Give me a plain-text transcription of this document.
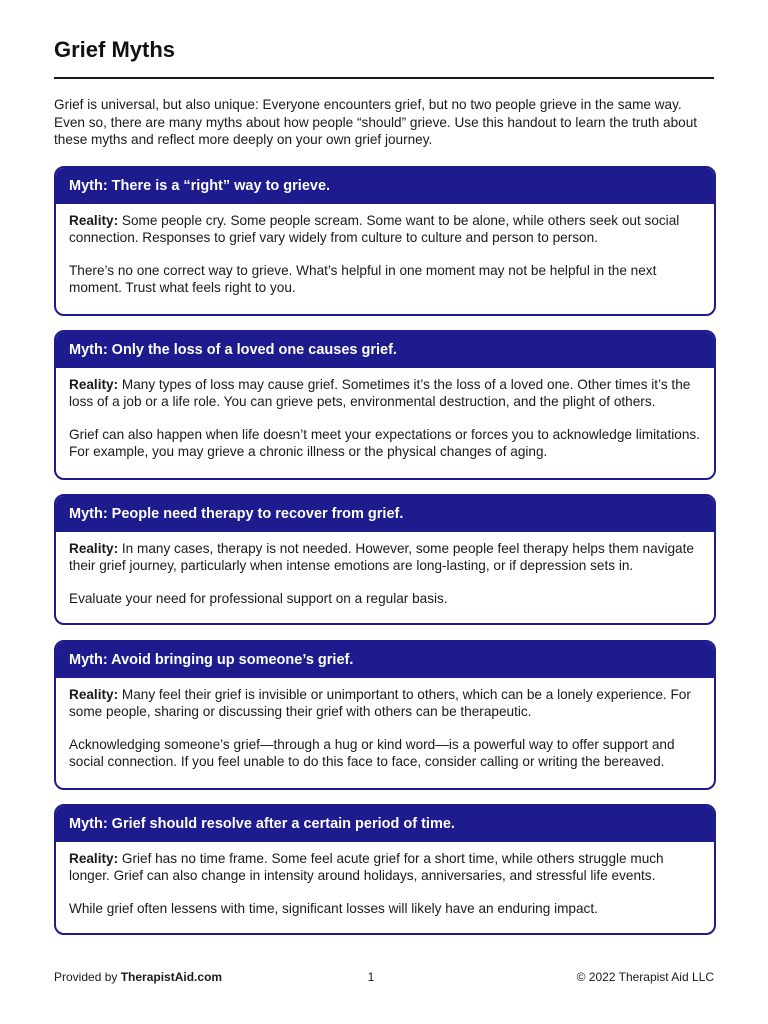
Grief Myths
Grief is universal, but also unique: Everyone encounters grief, but no two people grieve in the same way. Even so, there are many myths about how people “should” grieve. Use this handout to learn the truth about these myths and reflect more deeply on your own grief journey.
Myth: There is a “right” way to grieve.

Reality: Some people cry. Some people scream. Some want to be alone, while others seek out social connection. Responses to grief vary widely from culture to culture and person to person.

There’s no one correct way to grieve. What’s helpful in one moment may not be helpful in the next moment. Trust what feels right to you.

Myth: Only the loss of a loved one causes grief.

Reality: Many types of loss may cause grief. Sometimes it’s the loss of a loved one. Other times it’s the loss of a job or a life role. You can grieve pets, environmental destruction, and the plight of others.

Grief can also happen when life doesn’t meet your expectations or forces you to acknowledge limitations. For example, you may grieve a chronic illness or the physical changes of aging.

Myth: People need therapy to recover from grief.

Reality: In many cases, therapy is not needed. However, some people feel therapy helps them navigate their grief journey, particularly when intense emotions are long-lasting, or if depression sets in.

Evaluate your need for professional support on a regular basis.

Myth: Avoid bringing up someone’s grief.

Reality: Many feel their grief is invisible or unimportant to others, which can be a lonely experience. For some people, sharing or discussing their grief with others can be therapeutic.

Acknowledging someone’s grief—through a hug or kind word—is a powerful way to offer support and social connection. If you feel unable to do this face to face, consider calling or writing the bereaved.

Myth: Grief should resolve after a certain period of time.

Reality: Grief has no time frame. Some feel acute grief for a short time, while others struggle much longer. Grief can also change in intensity around holidays, anniversaries, and stressful life events.

While grief often lessens with time, significant losses will likely have an enduring impact.

Provided by TherapistAid.com	1	© 2022 Therapist Aid LLC
